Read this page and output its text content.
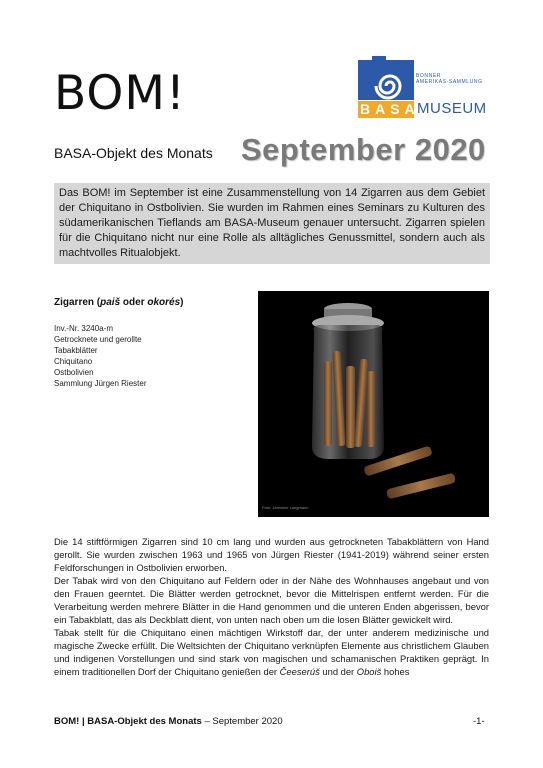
BOM!
BASA-Objekt des Monats September 2020
BONNER
AMERIKAS-SAMMLUNG
BASA
MUSEUM
Das BOM! im September ist eine Zusammenstellung von 14 Zigarren aus dem Gebiet der Chiquitano in Ostbolivien. Sie wurden im Rahmen eines Seminars zu Kulturen des südamerikanischen Tieflands am BASA-Museum genauer untersucht. Zigarren spielen für die Chiquitano nicht nur eine Rolle als alltägliches Genussmittel, sondern auch als machtvolles Ritualobjekt.
Zigarren (paiš oder okorés)
Inv.-Nr. 3240a-m
Getrocknete und gerollte
Tabakblätter
Chiquitano
Ostbolivien
Sammlung Jürgen Riester
Foto: Jeannine Langmann

Die 14 stiftförmigen Zigarren sind 10 cm lang und wurden aus getrockneten Tabakblättern von Hand gerollt. Sie wurden zwischen 1963 und 1965 von Jürgen Riester (1941-2019) während seiner ersten Feldforschungen in Ostbolivien erworben.

Der Tabak wird von den Chiquitano auf Feldern oder in der Nähe des Wohnhauses angebaut und von den Frauen geerntet. Die Blätter werden getrocknet, bevor die Mittelrispen entfernt werden. Für die Verarbeitung werden mehrere Blätter in die Hand genommen und die unteren Enden abgerissen, bevor ein Tabakblatt, das als Deckblatt dient, von unten nach oben um die losen Blätter gewickelt wird.

Tabak stellt für die Chiquitano einen mächtigen Wirkstoff dar, der unter anderem medizinische und magische Zwecke erfüllt. Die Weltsichten der Chiquitano verknüpfen Elemente aus christlichem Glauben und indigenen Vorstellungen und sind stark von magischen und schamanischen Praktiken geprägt. In einem traditionellen Dorf der Chiquitano genießen der Čeeserúš und der Oboiš hohes

BOM! | BASA-Objekt des Monats – September 2020	-1-
